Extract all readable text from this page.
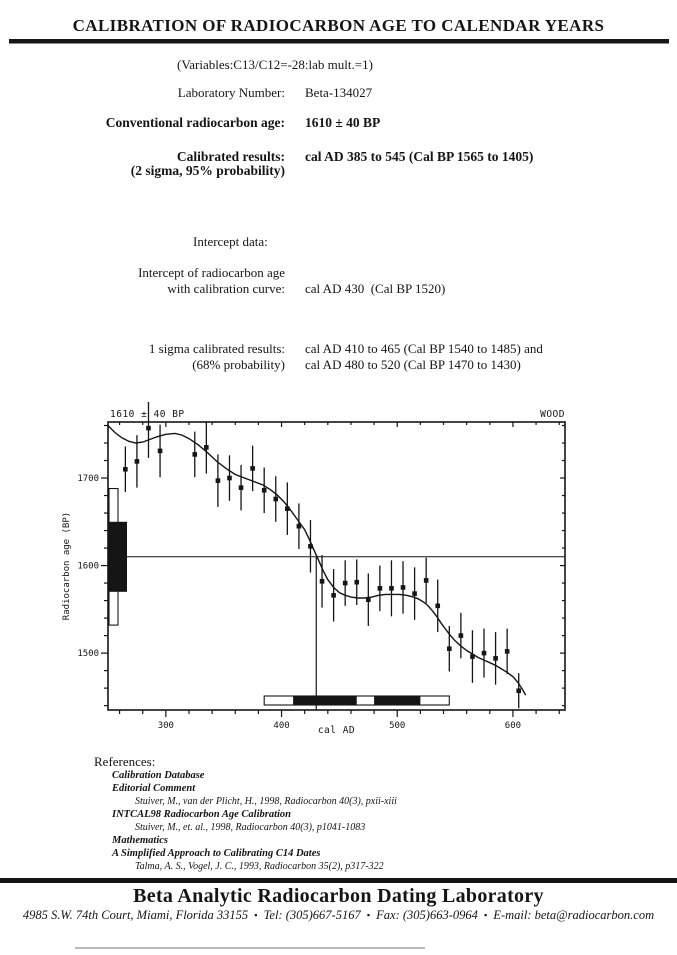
CALIBRATION OF RADIOCARBON AGE TO CALENDAR YEARS
(Variables:C13/C12=-28:lab mult.=1)
Laboratory Number: Beta-134027
Conventional radiocarbon age: 1610 ± 40 BP
Calibrated results: cal AD 385 to 545 (Cal BP 1565 to 1405)
(2 sigma, 95% probability)
Intercept data:
Intercept of radiocarbon age
with calibration curve: cal AD 430  (Cal BP 1520)
1 sigma calibrated results: cal AD 410 to 465 (Cal BP 1540 to 1485) and
(68% probability) cal AD 480 to 520 (Cal BP 1470 to 1430)
300	400	500	600
1500
1600
1700
1610 ± 40 BP	WOOD
cal AD
Radiocarbon age (BP)
References:
Calibration Database
Editorial Comment
Stuiver, M., van der Plicht, H., 1998, Radiocarbon 40(3), pxii-xiii
INTCAL98 Radiocarbon Age Calibration
Stuiver, M., et. al., 1998, Radiocarbon 40(3), p1041-1083
Mathematics
A Simplified Approach to Calibrating C14 Dates
Talma, A. S., Vogel, J. C., 1993, Radiocarbon 35(2), p317-322
Beta Analytic Radiocarbon Dating Laboratory
4985 S.W. 74th Court, Miami, Florida 33155 ▪ Tel: (305)667-5167 ▪ Fax: (305)663-0964 ▪ E-mail: beta@radiocarbon.com
